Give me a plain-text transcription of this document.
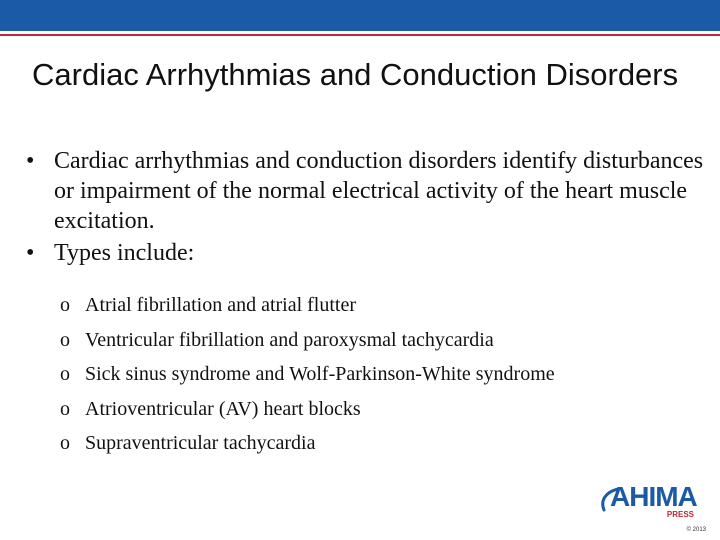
Cardiac Arrhythmias and Conduction Disorders
• Cardiac arrhythmias and conduction disorders identify disturbances or impairment of the normal electrical activity of the heart muscle excitation.
• Types include:
o Atrial fibrillation and atrial flutter
o Ventricular fibrillation and paroxysmal tachycardia
o Sick sinus syndrome and Wolf-Parkinson-White syndrome
o Atrioventricular (AV) heart blocks
o Supraventricular tachycardia
AHIMA
PRESS
© 2013
